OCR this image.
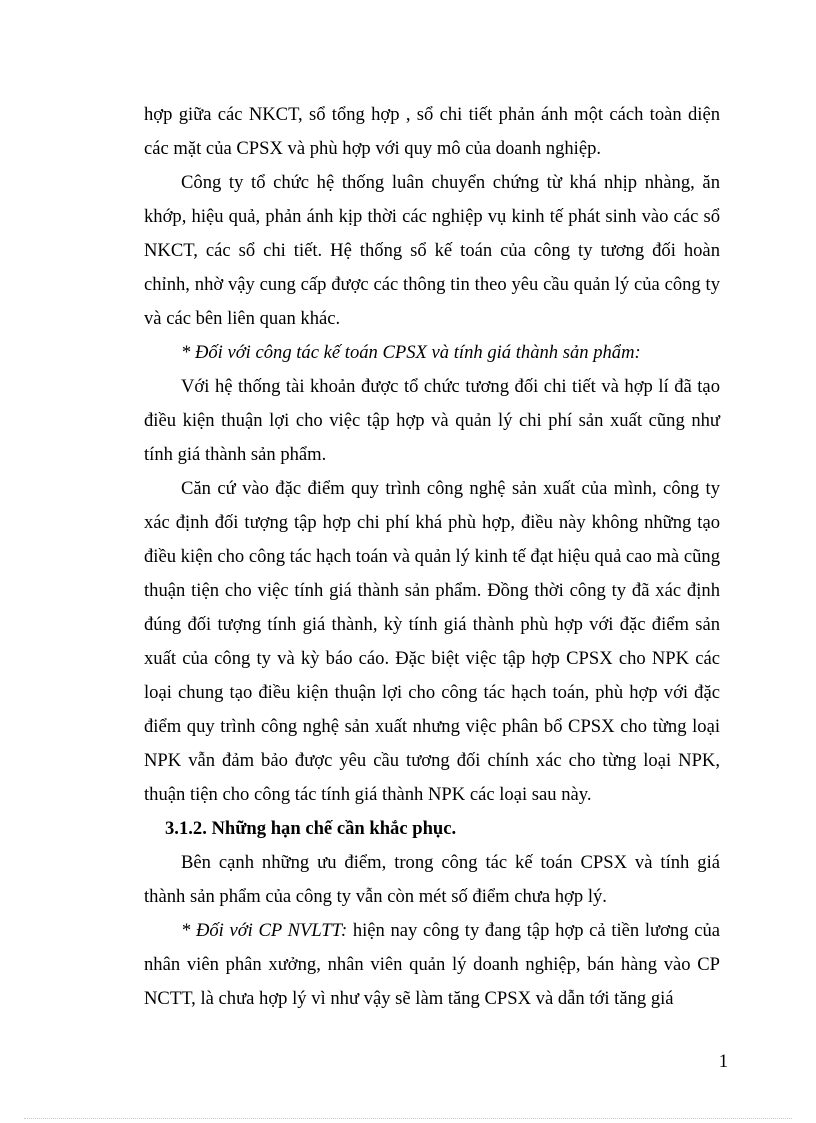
hợp giữa các NKCT, sổ tổng hợp , sổ chi tiết phản ánh một cách toàn diện các mặt của CPSX và phù hợp với quy mô của doanh nghiệp.

Công ty tổ chức hệ thống luân chuyển chứng từ khá nhịp nhàng, ăn khớp, hiệu quả, phản ánh kịp thời các nghiệp vụ kinh tế phát sinh vào các sổ NKCT, các sổ chi tiết. Hệ thống sổ kế toán của công ty tương đối hoàn chỉnh, nhờ vậy cung cấp được các thông tin theo yêu cầu quản lý của công ty và các bên liên quan khác.

* Đối với công tác kế toán CPSX và tính giá thành sản phẩm:

Với hệ thống tài khoản được tổ chức tương đối chi tiết và hợp lí đã tạo điều kiện thuận lợi cho việc tập hợp và quản lý chi phí sản xuất cũng như tính giá thành sản phẩm.

Căn cứ vào đặc điểm quy trình công nghệ sản xuất của mình, công ty xác định đối tượng tập hợp chi phí khá phù hợp, điều này không những tạo điều kiện cho công tác hạch toán và quản lý kinh tế đạt hiệu quả cao mà cũng thuận tiện cho việc tính giá thành sản phẩm. Đồng thời công ty đã xác định đúng đối tượng tính giá thành, kỳ tính giá thành phù hợp với đặc điểm sản xuất của công ty và kỳ báo cáo. Đặc biệt việc tập hợp CPSX cho NPK các loại chung tạo điều kiện thuận lợi cho công tác hạch toán, phù hợp với đặc điểm quy trình công nghệ sản xuất nhưng việc phân bổ CPSX cho từng loại NPK vẫn đảm bảo được yêu cầu tương đối chính xác cho từng loại NPK, thuận tiện cho công tác tính giá thành NPK các loại sau này.

3.1.2. Những hạn chế cần khắc phục.

Bên cạnh những ưu điểm, trong công tác kế toán CPSX và tính giá thành sản phẩm của công ty vẫn còn mét số điểm chưa hợp lý.

* Đối với CP NVLTT: hiện nay công ty đang tập hợp cả tiền lương của nhân viên phân xưởng, nhân viên quản lý doanh nghiệp, bán hàng vào CP NCTT, là chưa hợp lý vì như vậy sẽ làm tăng CPSX và dẫn tới tăng giá

1
